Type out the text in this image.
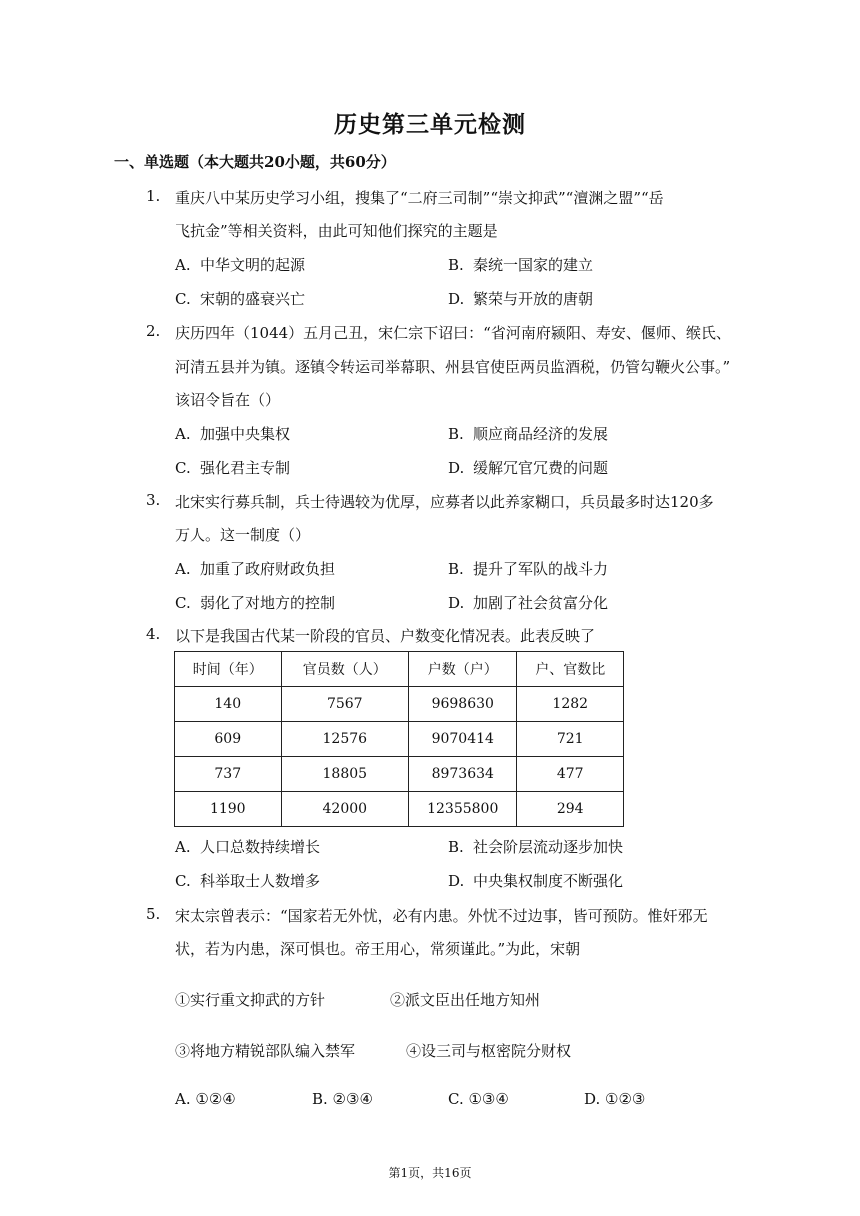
历史第三单元检测
一、单选题（本大题共20小题，共60分）
1. 重庆八中某历史学习小组，搜集了“二府三司制”“崇文抑武”“澶渊之盟”“岳
飞抗金”等相关资料，由此可知他们探究的主题是
A. 中华文明的起源	B. 秦统一国家的建立
C. 宋朝的盛衰兴亡	D. 繁荣与开放的唐朝
2. 庆历四年（1044）五月己丑，宋仁宗下诏曰：“省河南府颍阳、寿安、偃师、缑氏、
河清五县并为镇。逐镇令转运司举幕职、州县官使臣两员监酒税，仍管勾鞭火公事。”
该诏令旨在（）
A. 加强中央集权	B. 顺应商品经济的发展
C. 强化君主专制	D. 缓解冗官冗费的问题
3. 北宋实行募兵制，兵士待遇较为优厚，应募者以此养家糊口，兵员最多时达120多
万人。这一制度（）
A. 加重了政府财政负担	B. 提升了军队的战斗力
C. 弱化了对地方的控制	D. 加剧了社会贫富分化
4. 以下是我国古代某一阶段的官员、户数变化情况表。此表反映了
时间（年）	官员数（人）	户数（户）	户、官数比
140	7567	9698630	1282
609	12576	9070414	721
737	18805	8973634	477
1190	42000	12355800	294
A. 人口总数持续增长	B. 社会阶层流动逐步加快
C. 科举取士人数增多	D. 中央集权制度不断强化
5. 宋太宗曾表示：“国家若无外忧，必有内患。外忧不过边事，皆可预防。惟奸邪无
状，若为内患，深可惧也。帝王用心，常须谨此。”为此，宋朝
①实行重文抑武的方针	②派文臣出任地方知州
③将地方精锐部队编入禁军	④设三司与枢密院分财权
A. ①②④	B. ②③④	C. ①③④	D. ①②③
第1页，共16页
